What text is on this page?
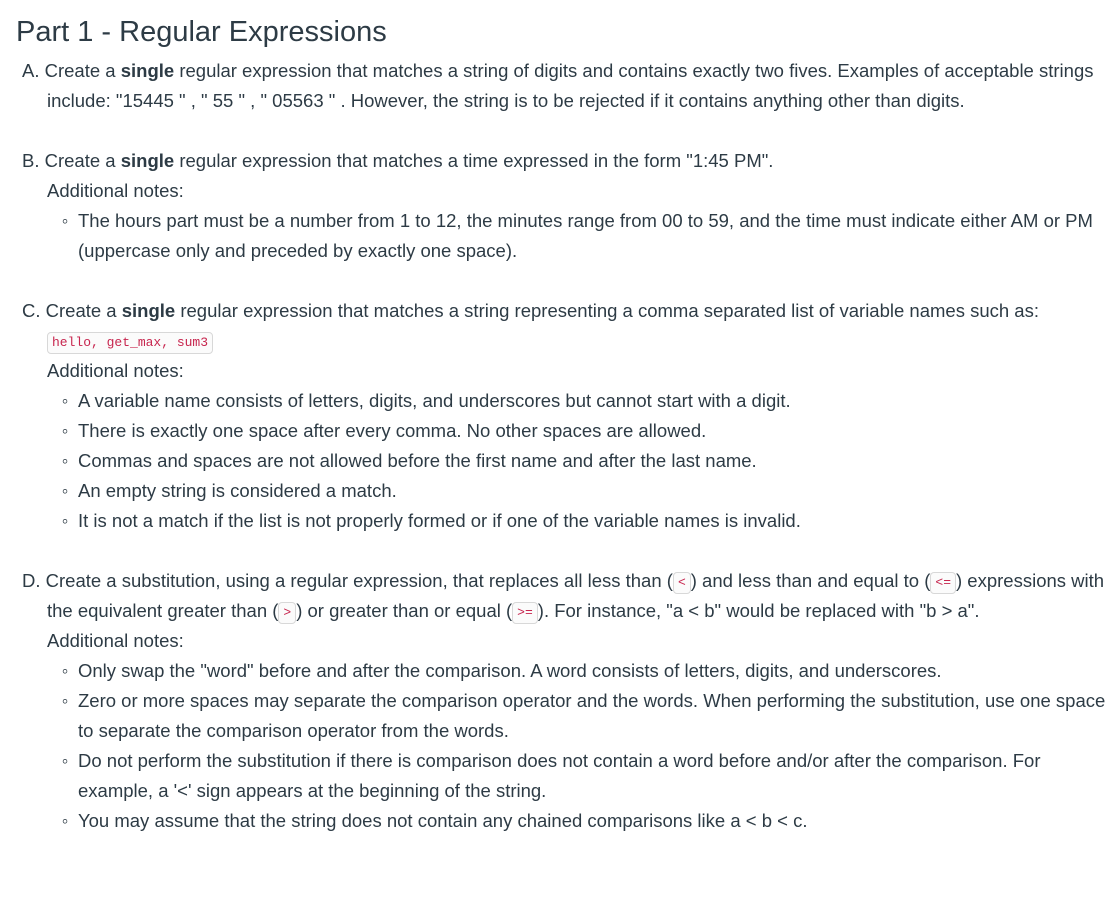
Part 1 - Regular Expressions

A. Create a single regular expression that matches a string of digits and contains exactly two fives. Examples of acceptable strings include: "15445 " , " 55 " , " 05563 " . However, the string is to be rejected if it contains anything other than digits.

B. Create a single regular expression that matches a time expressed in the form "1:45 PM".

Additional notes:

◦ The hours part must be a number from 1 to 12, the minutes range from 00 to 59, and the time must indicate either AM or PM (uppercase only and preceded by exactly one space).

C. Create a single regular expression that matches a string representing a comma separated list of variable names such as: hello, get_max, sum3

Additional notes:

◦ A variable name consists of letters, digits, and underscores but cannot start with a digit.
◦ There is exactly one space after every comma. No other spaces are allowed.
◦ Commas and spaces are not allowed before the first name and after the last name.
◦ An empty string is considered a match.
◦ It is not a match if the list is not properly formed or if one of the variable names is invalid.

D. Create a substitution, using a regular expression, that replaces all less than ( < ) and less than and equal to ( <= ) expressions with the equivalent greater than ( > ) or greater than or equal ( >= ). For instance, "a < b" would be replaced with "b > a".

Additional notes:

◦ Only swap the "word" before and after the comparison. A word consists of letters, digits, and underscores.
◦ Zero or more spaces may separate the comparison operator and the words. When performing the substitution, use one space to separate the comparison operator from the words.
◦ Do not perform the substitution if there is comparison does not contain a word before and/or after the comparison. For example, a '<' sign appears at the beginning of the string.
◦ You may assume that the string does not contain any chained comparisons like a < b < c.
